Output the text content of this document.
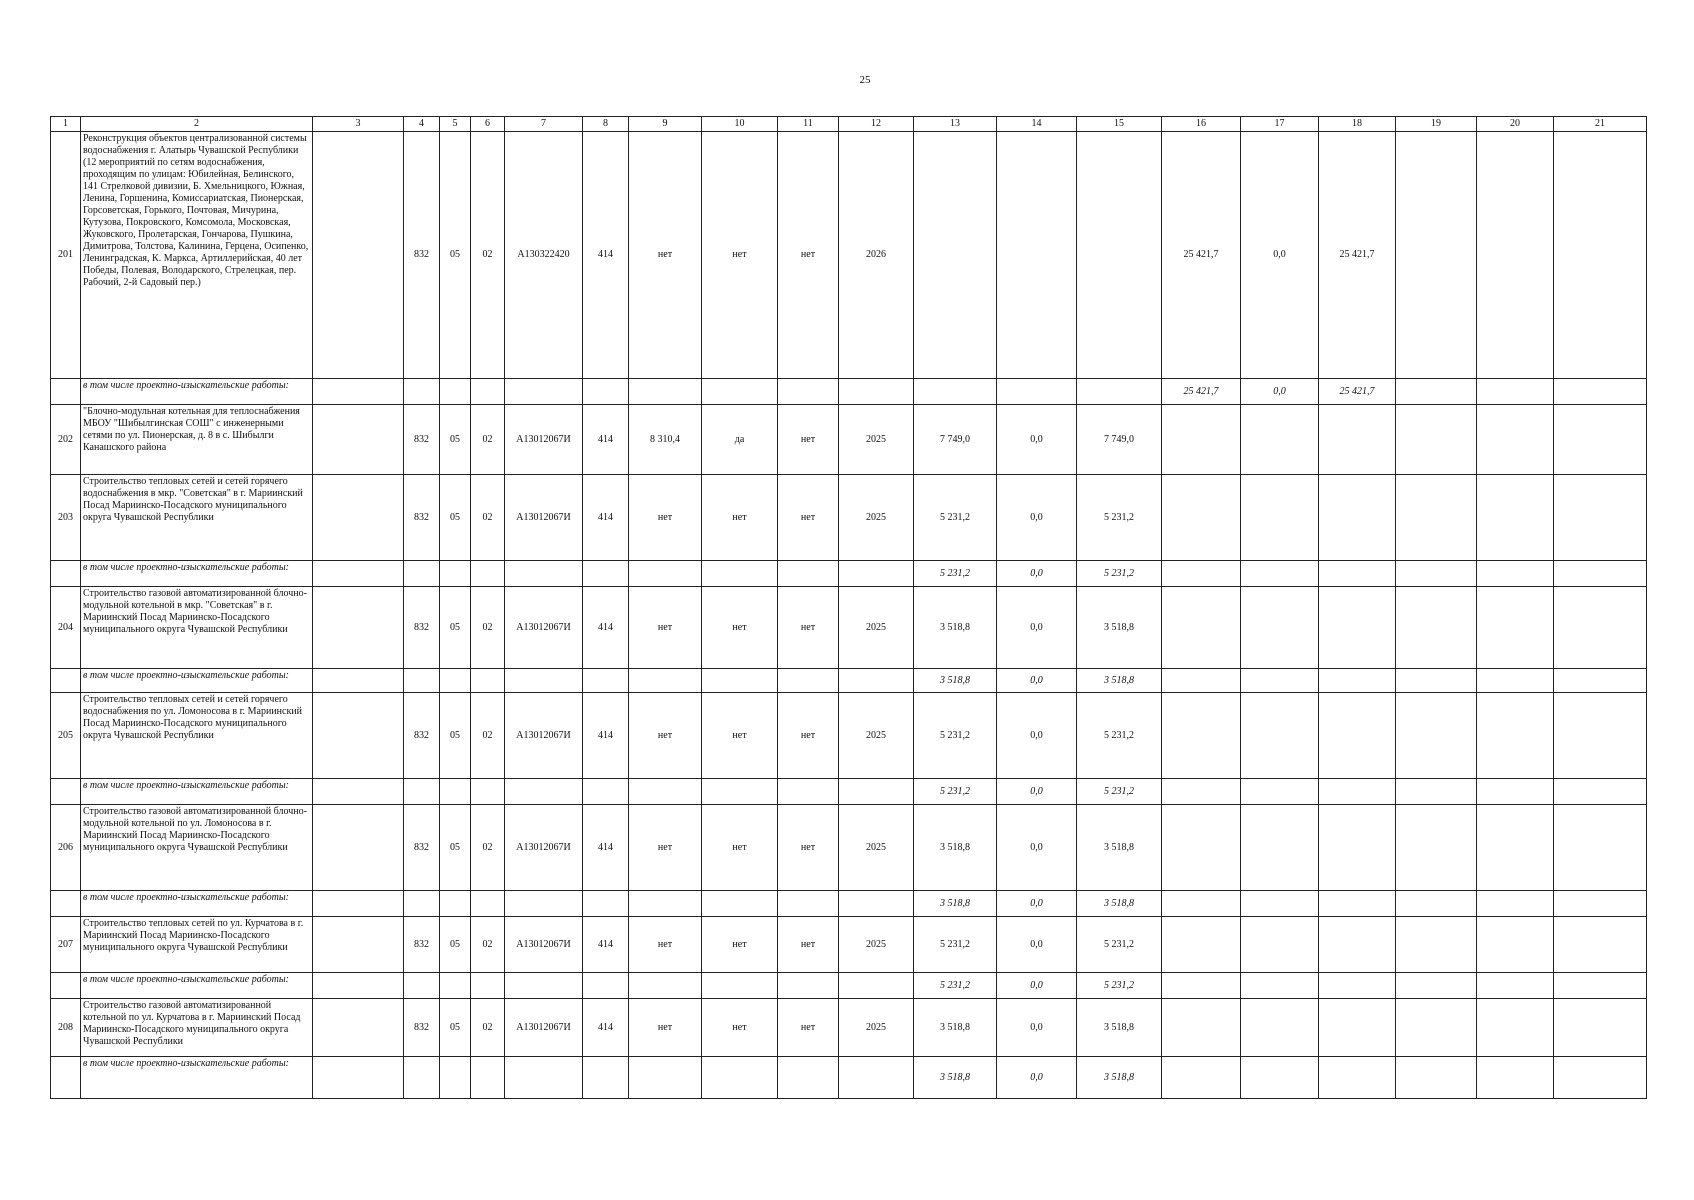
25
1	2	3	4	5	6	7	8	9	10	11	12	13	14	15	16	17	18	19	20	21
201	Реконструкция объектов централизованной системы водоснабжения г. Алатырь Чувашской Республики (12 мероприятий по сетям водоснабжения, проходящим по улицам: Юбилейная, Белинского, 141 Стрелковой дивизии, Б. Хмельницкого, Южная, Ленина, Горшенина, Комиссариатская, Пионерская, Горсоветская, Горького, Почтовая, Мичурина, Кутузова, Покровского, Комсомола, Московская, Жуковского, Пролетарская, Гончарова, Пушкина, Димитрова, Толстова, Калинина, Герцена, Осипенко, Ленинградская, К. Маркса, Артиллерийская, 40 лет Победы, Полевая, Володарского, Стрелецкая, пер. Рабочий, 2-й Садовый пер.)		832	05	02	А130322420	414	нет	нет	нет	2026				25 421,7	0,0	25 421,7			
	в том числе проектно-изыскательские работы:														25 421,7	0,0	25 421,7			
202	"Блочно-модульная котельная для теплоснабжения МБОУ "Шибылгинская СОШ" с инженерными сетями по ул. Пионерская, д. 8 в с. Шибылги Канашского района		832	05	02	А13012067И	414	8 310,4	да	нет	2025	7 749,0	0,0	7 749,0						
203	Строительство тепловых сетей и сетей горячего водоснабжения в мкр. "Советская" в г. Мариинский Посад Мариинско-Посадского муниципального округа Чувашской Республики		832	05	02	А13012067И	414	нет	нет	нет	2025	5 231,2	0,0	5 231,2						
	в том числе проектно-изыскательские работы:											5 231,2	0,0	5 231,2						
204	Строительство газовой автоматизированной блочно-модульной котельной в мкр. "Советская" в г. Мариинский Посад Мариинско-Посадского муниципального округа Чувашской Республики		832	05	02	А13012067И	414	нет	нет	нет	2025	3 518,8	0,0	3 518,8						
	в том числе проектно-изыскательские работы:											3 518,8	0,0	3 518,8						
205	Строительство тепловых сетей и сетей горячего водоснабжения по ул. Ломоносова в г. Мариинский Посад Мариинско-Посадского муниципального округа Чувашской Республики		832	05	02	А13012067И	414	нет	нет	нет	2025	5 231,2	0,0	5 231,2						
	в том числе проектно-изыскательские работы:											5 231,2	0,0	5 231,2						
206	Строительство газовой автоматизированной блочно-модульной котельной по ул. Ломоносова в г. Мариинский Посад Мариинско-Посадского муниципального округа Чувашской Республики		832	05	02	А13012067И	414	нет	нет	нет	2025	3 518,8	0,0	3 518,8						
	в том числе проектно-изыскательские работы:											3 518,8	0,0	3 518,8						
207	Строительство тепловых сетей по ул. Курчатова в г. Мариинский Посад Мариинско-Посадского муниципального округа Чувашской Республики		832	05	02	А13012067И	414	нет	нет	нет	2025	5 231,2	0,0	5 231,2						
	в том числе проектно-изыскательские работы:											5 231,2	0,0	5 231,2						
208	Строительство газовой автоматизированной котельной по ул. Курчатова в г. Мариинский Посад Мариинско-Посадского муниципального округа Чувашской Республики		832	05	02	А13012067И	414	нет	нет	нет	2025	3 518,8	0,0	3 518,8						
	в том числе проектно-изыскательские работы:											3 518,8	0,0	3 518,8						
